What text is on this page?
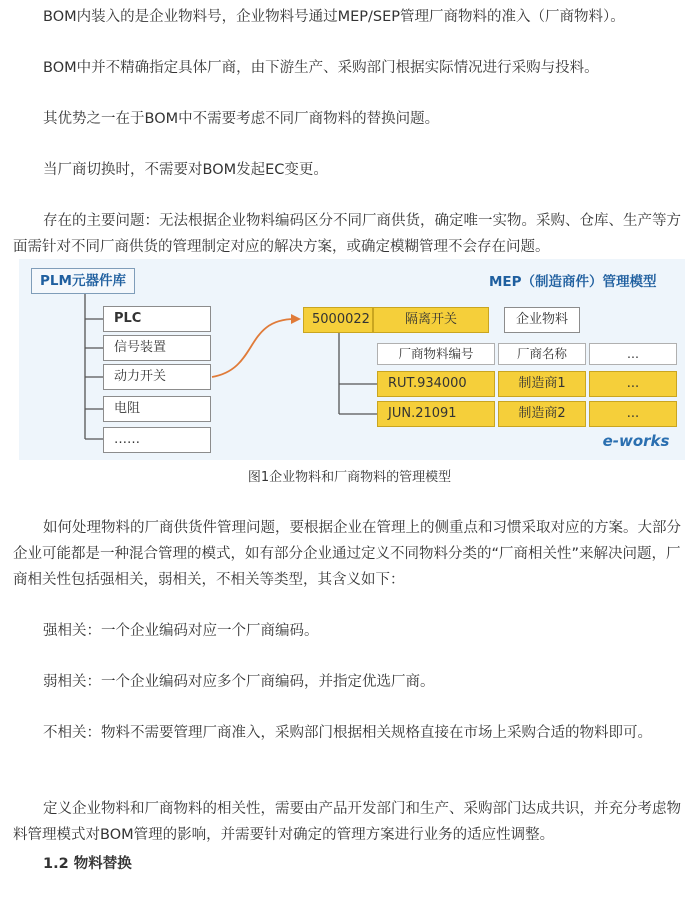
BOM内装入的是企业物料号，企业物料号通过MEP/SEP管理厂商物料的准入（厂商物料）。

BOM中并不精确指定具体厂商，由下游生产、采购部门根据实际情况进行采购与投料。

其优势之一在于BOM中不需要考虑不同厂商物料的替换问题。

当厂商切换时，不需要对BOM发起EC变更。

存在的主要问题：无法根据企业物料编码区分不同厂商供货，确定唯一实物。采购、仓库、生产等方面需针对不同厂商供货的管理制定对应的解决方案，或确定模糊管理不会存在问题。

PLM元器件库	MEP（制造商件）管理模型
PLC
信号装置
动力开关
电阻
……
5000022	隔离开关	企业物料
厂商物料编号	厂商名称	...
RUT.934000	制造商1	...
JUN.21091	制造商2	...
e-works
图1企业物料和厂商物料的管理模型

如何处理物料的厂商供货件管理问题，要根据企业在管理上的侧重点和习惯采取对应的方案。大部分企业可能都是一种混合管理的模式，如有部分企业通过定义不同物料分类的“厂商相关性”来解决问题，厂商相关性包括强相关，弱相关，不相关等类型，其含义如下：

强相关：一个企业编码对应一个厂商编码。

弱相关：一个企业编码对应多个厂商编码，并指定优选厂商。

不相关：物料不需要管理厂商准入，采购部门根据相关规格直接在市场上采购合适的物料即可。

定义企业物料和厂商物料的相关性，需要由产品开发部门和生产、采购部门达成共识，并充分考虑物料管理模式对BOM管理的影响，并需要针对确定的管理方案进行业务的适应性调整。

1.2 物料替换
